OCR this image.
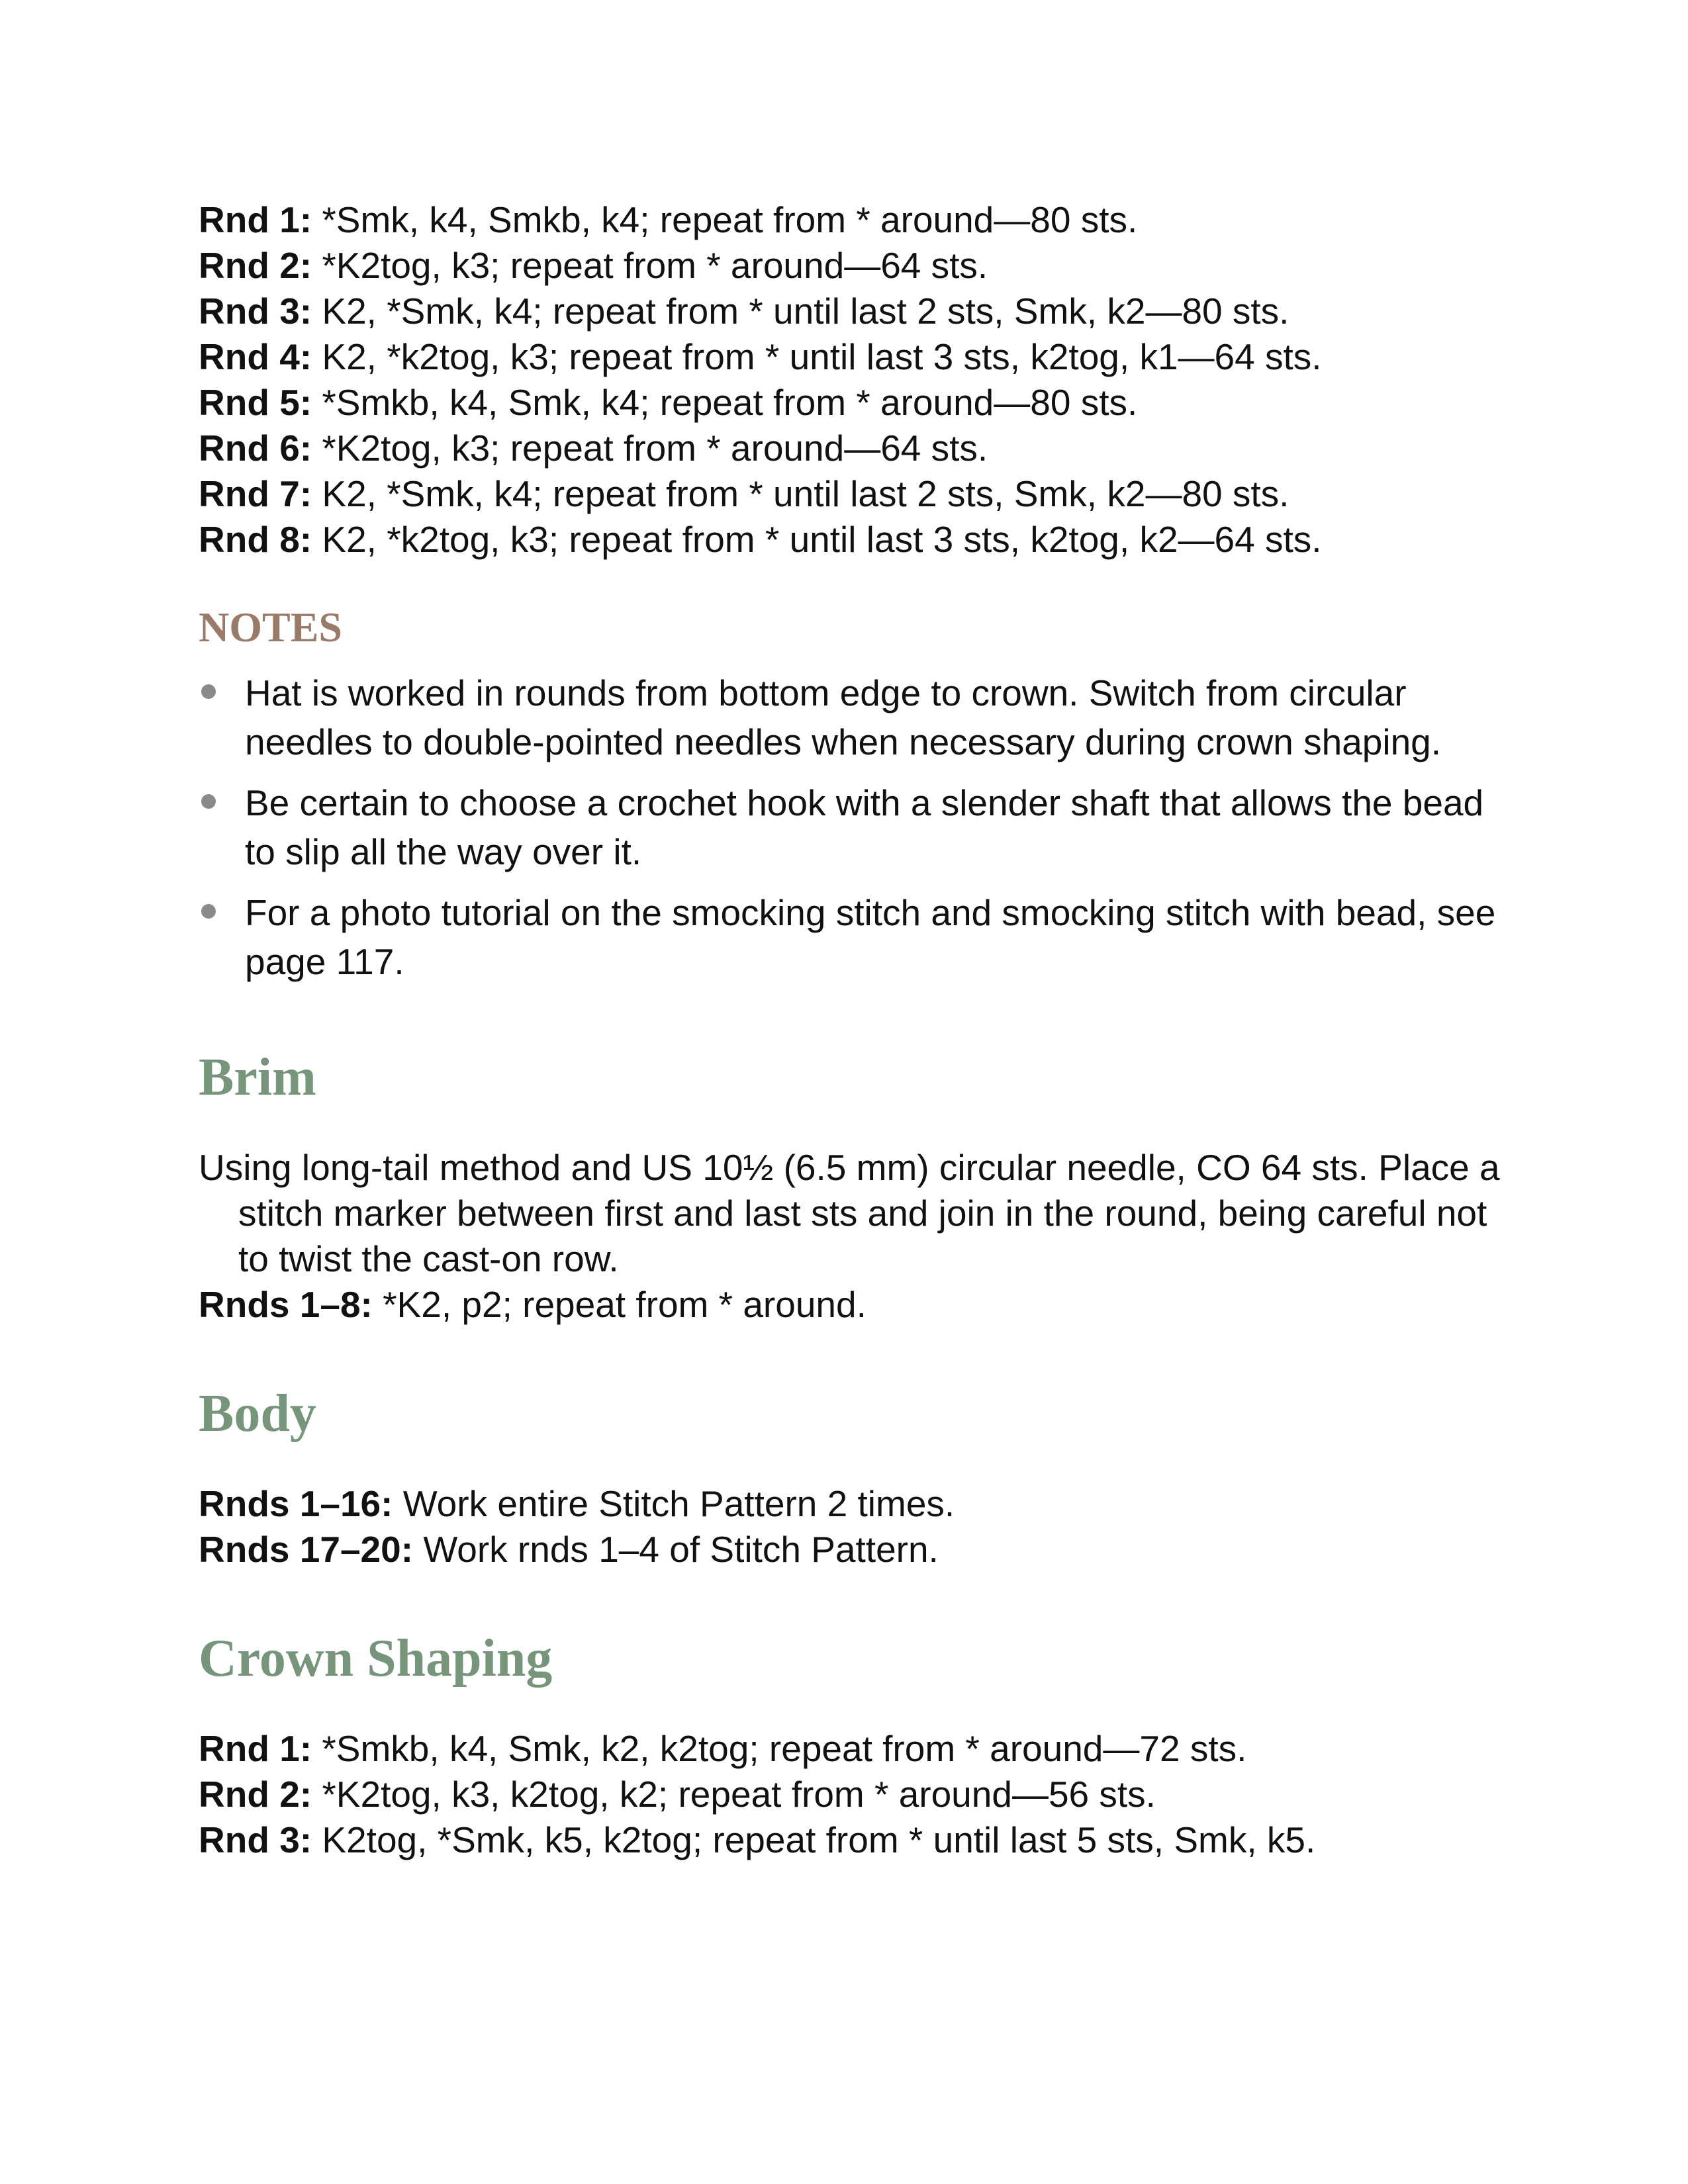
Rnd 1: *Smk, k4, Smkb, k4; repeat from * around—80 sts.

Rnd 2: *K2tog, k3; repeat from * around—64 sts.

Rnd 3: K2, *Smk, k4; repeat from * until last 2 sts, Smk, k2—80 sts.

Rnd 4: K2, *k2tog, k3; repeat from * until last 3 sts, k2tog, k1—64 sts.

Rnd 5: *Smkb, k4, Smk, k4; repeat from * around—80 sts.

Rnd 6: *K2tog, k3; repeat from * around—64 sts.

Rnd 7: K2, *Smk, k4; repeat from * until last 2 sts, Smk, k2—80 sts.

Rnd 8: K2, *k2tog, k3; repeat from * until last 3 sts, k2tog, k2—64 sts.

NOTES
Hat is worked in rounds from bottom edge to crown. Switch from circular needles to double-pointed needles when necessary during crown shaping.
Be certain to choose a crochet hook with a slender shaft that allows the bead to slip all the way over it.
For a photo tutorial on the smocking stitch and smocking stitch with bead, see page 117.
Brim

Using long-tail method and US 10½ (6.5 mm) circular needle, CO 64 sts. Place a stitch marker between first and last sts and join in the round, being careful not to twist the cast-on row.

Rnds 1–8: *K2, p2; repeat from * around.

Body

Rnds 1–16: Work entire Stitch Pattern 2 times.

Rnds 17–20: Work rnds 1–4 of Stitch Pattern.

Crown Shaping

Rnd 1: *Smkb, k4, Smk, k2, k2tog; repeat from * around—72 sts.

Rnd 2: *K2tog, k3, k2tog, k2; repeat from * around—56 sts.

Rnd 3: K2tog, *Smk, k5, k2tog; repeat from * until last 5 sts, Smk, k5.
